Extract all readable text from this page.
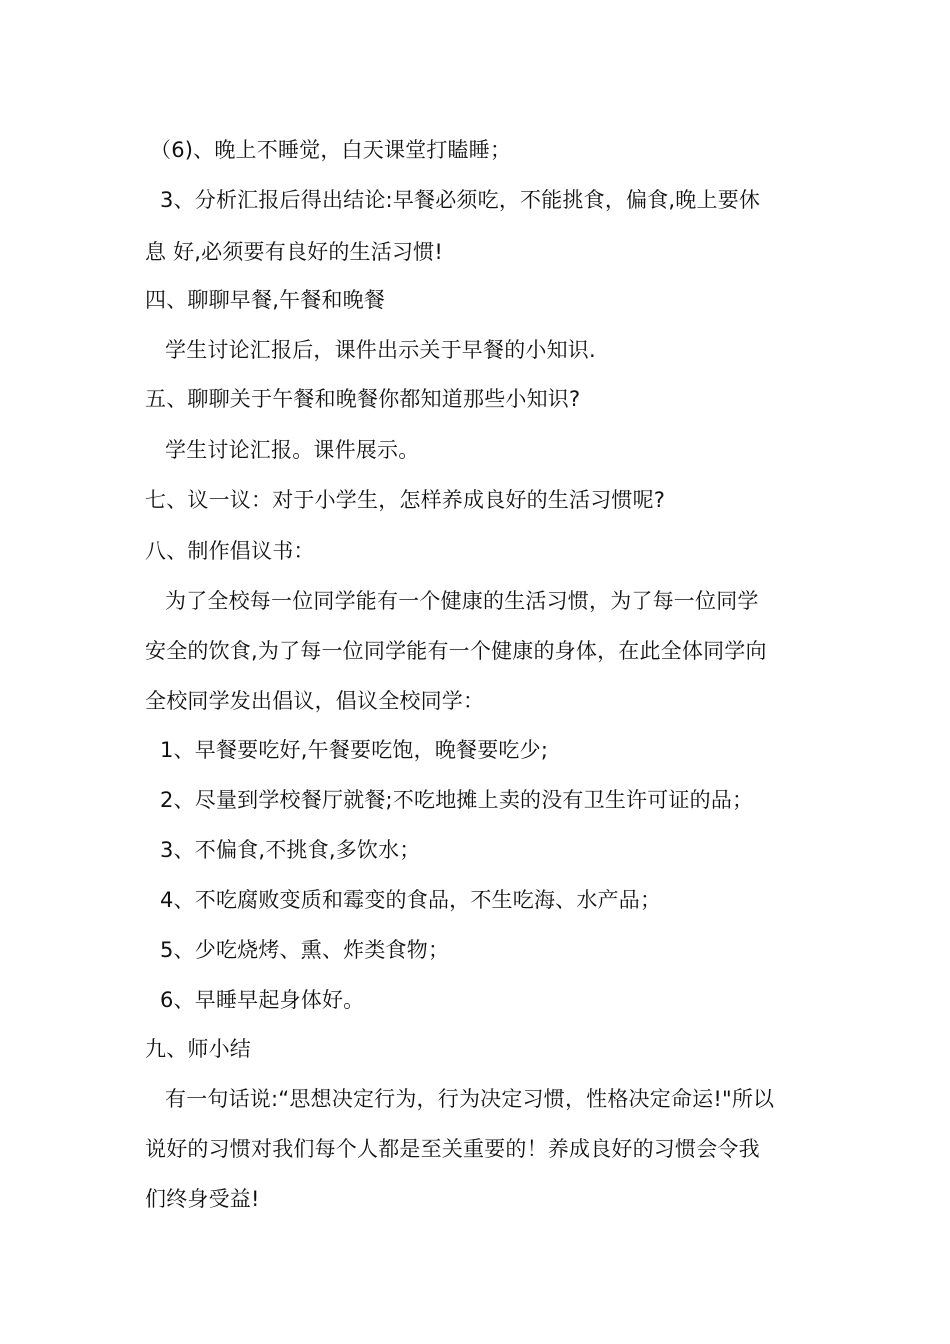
（6)、晚上不睡觉，白天课堂打瞌睡；
3、分析汇报后得出结论:早餐必须吃，不能挑食，偏食,晚上要休
息 好,必须要有良好的生活习惯!
四、聊聊早餐,午餐和晚餐
学生讨论汇报后，课件出示关于早餐的小知识.
五、聊聊关于午餐和晚餐你都知道那些小知识?
学生讨论汇报。课件展示。
七、议一议：对于小学生，怎样养成良好的生活习惯呢?
八、制作倡议书：
为了全校每一位同学能有一个健康的生活习惯，为了每一位同学
安全的饮食,为了每一位同学能有一个健康的身体，在此全体同学向
全校同学发出倡议，倡议全校同学：
1、早餐要吃好,午餐要吃饱，晚餐要吃少;
2、尽量到学校餐厅就餐;不吃地摊上卖的没有卫生许可证的品；
3、不偏食,不挑食,多饮水；
4、不吃腐败变质和霉变的食品，不生吃海、水产品；
5、少吃烧烤、熏、炸类食物；
6、早睡早起身体好。
九、师小结
有一句话说:“思想决定行为，行为决定习惯，性格决定命运!"所以
说好的习惯对我们每个人都是至关重要的！养成良好的习惯会令我
们终身受益!
